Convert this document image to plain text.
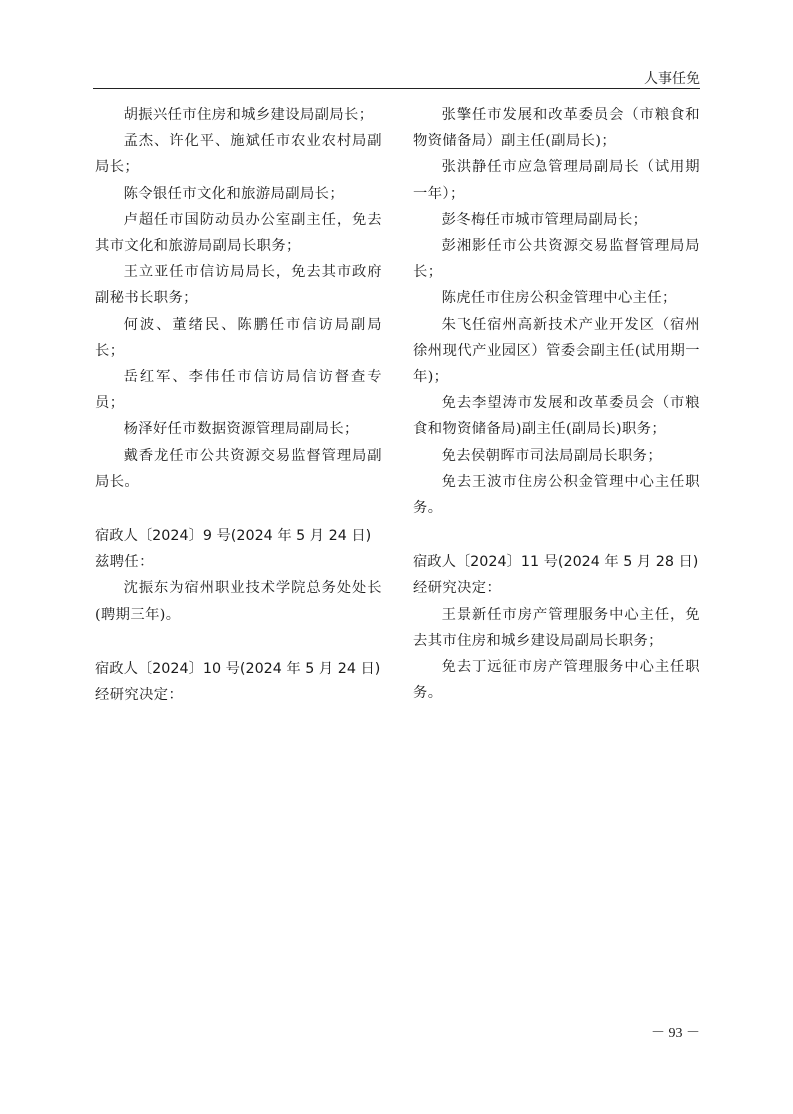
人事任免

胡振兴任市住房和城乡建设局副局长；

孟杰、许化平、施斌任市农业农村局副局长；

陈令银任市文化和旅游局副局长；

卢超任市国防动员办公室副主任，免去其市文化和旅游局副局长职务；

王立亚任市信访局局长，免去其市政府副秘书长职务；

何波、董绪民、陈鹏任市信访局副局长；

岳红军、李伟任市信访局信访督查专员；

杨泽好任市数据资源管理局副局长；

戴香龙任市公共资源交易监督管理局副局长。

宿政人〔2024〕9 号(2024 年 5 月 24 日)

兹聘任：

沈振东为宿州职业技术学院总务处处长(聘期三年)。

宿政人〔2024〕10 号(2024 年 5 月 24 日)

经研究决定：

张擎任市发展和改革委员会（市粮食和物资储备局）副主任(副局长)；

张洪静任市应急管理局副局长（试用期一年）；

彭冬梅任市城市管理局副局长；

彭湘影任市公共资源交易监督管理局局长；

陈虎任市住房公积金管理中心主任；

朱飞任宿州高新技术产业开发区（宿州徐州现代产业园区）管委会副主任(试用期一年)；

免去李望涛市发展和改革委员会（市粮食和物资储备局)副主任(副局长)职务；

免去侯朝晖市司法局副局长职务；

免去王波市住房公积金管理中心主任职务。

宿政人〔2024〕11 号(2024 年 5 月 28 日)

经研究决定：

王景新任市房产管理服务中心主任，免去其市住房和城乡建设局副局长职务；

免去丁远征市房产管理服务中心主任职务。

－ 93 －
